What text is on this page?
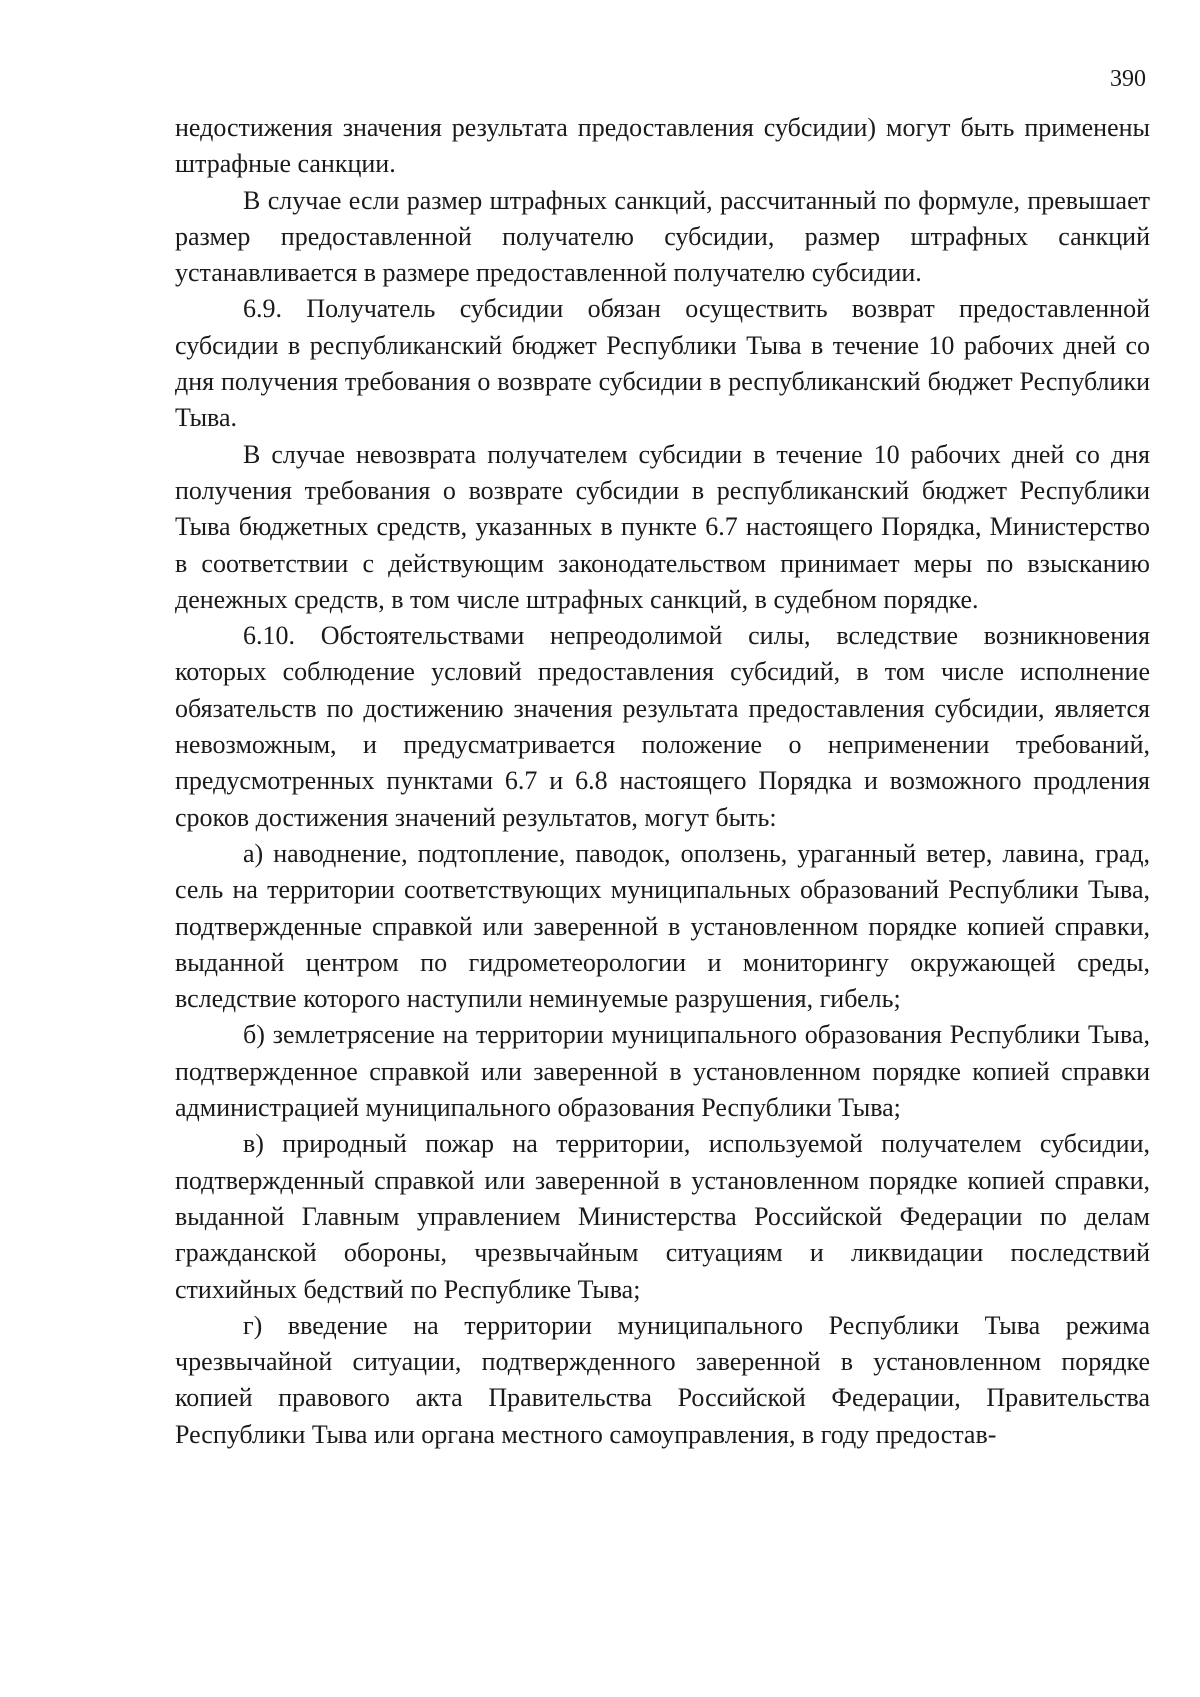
390

недостижения значения результата предоставления субсидии) могут быть применены штрафные санкции.

В случае если размер штрафных санкций, рассчитанный по формуле, превышает размер предоставленной получателю субсидии, размер штрафных санкций устанавливается в размере предоставленной получателю субсидии.

6.9. Получатель субсидии обязан осуществить возврат предоставленной субсидии в республиканский бюджет Республики Тыва в течение 10 рабочих дней со дня получения требования о возврате субсидии в республиканский бюджет Республики Тыва.

В случае невозврата получателем субсидии в течение 10 рабочих дней со дня получения требования о возврате субсидии в республиканский бюджет Республики Тыва бюджетных средств, указанных в пункте 6.7 настоящего Порядка, Министерство в соответствии с действующим законодательством принимает меры по взысканию денежных средств, в том числе штрафных санкций, в судебном порядке.

6.10. Обстоятельствами непреодолимой силы, вследствие возникновения которых соблюдение условий предоставления субсидий, в том числе исполнение обязательств по достижению значения результата предоставления субсидии, является невозможным, и предусматривается положение о неприменении требований, предусмотренных пунктами 6.7 и 6.8 настоящего Порядка и возможного продления сроков достижения значений результатов, могут быть:

а) наводнение, подтопление, паводок, оползень, ураганный ветер, лавина, град, сель на территории соответствующих муниципальных образований Республики Тыва, подтвержденные справкой или заверенной в установленном порядке копией справки, выданной центром по гидрометеорологии и мониторингу окружающей среды, вследствие которого наступили неминуемые разрушения, гибель;

б) землетрясение на территории муниципального образования Республики Тыва, подтвержденное справкой или заверенной в установленном порядке копией справки администрацией муниципального образования Республики Тыва;

в) природный пожар на территории, используемой получателем субсидии, подтвержденный справкой или заверенной в установленном порядке копией справки, выданной Главным управлением Министерства Российской Федерации по делам гражданской обороны, чрезвычайным ситуациям и ликвидации последствий стихийных бедствий по Республике Тыва;

г) введение на территории муниципального Республики Тыва режима чрезвычайной ситуации, подтвержденного заверенной в установленном порядке копией правового акта Правительства Российской Федерации, Правительства Республики Тыва или органа местного самоуправления, в году предостав-
